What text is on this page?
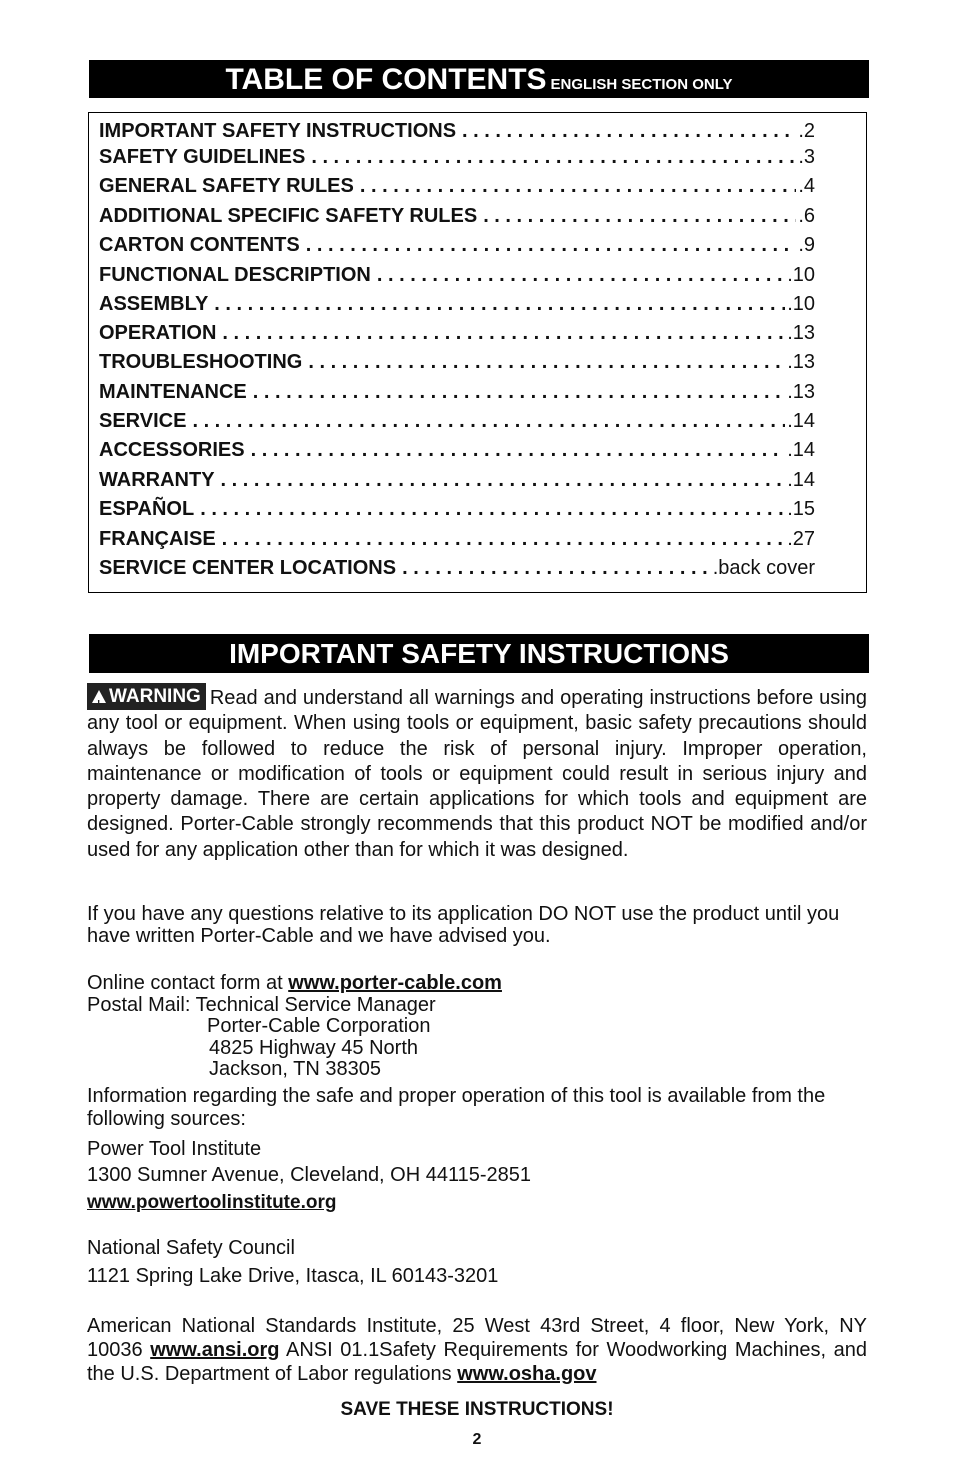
TABLE OF CONTENTS ENGLISH SECTION ONLY
IMPORTANT SAFETY INSTRUCTIONS . . .	.2
SAFETY GUIDELINES . . .	.3
GENERAL SAFETY RULES . . .	.4
ADDITIONAL SPECIFIC SAFETY RULES . . .	.6
CARTON CONTENTS . . .	.9
FUNCTIONAL DESCRIPTION . . .	.10
ASSEMBLY . . .	.10
OPERATION . . .	.13
TROUBLESHOOTING . . .	.13
MAINTENANCE . . .	.13
SERVICE . . .	.14
ACCESSORIES . . .	.14
WARRANTY . . .	.14
ESPAÑOL . . .	.15
FRANÇAISE . . .	.27
SERVICE CENTER LOCATIONS . . .	.back cover
IMPORTANT SAFETY INSTRUCTIONS

!WARNING Read and understand all warnings and operating instructions before using any tool or equipment. When using tools or equipment, basic safety precautions should always be followed to reduce the risk of personal injury. Improper operation, maintenance or modification of tools or equipment could result in serious injury and property damage. There are certain applications for which tools and equipment are designed. Porter-Cable strongly recommends that this product NOT be modified and/or used for any application other than for which it was designed.

If you have any questions relative to its application DO NOT use the product until you have written Porter-Cable and we have advised you.

Online contact form at www.porter-cable.com
Postal Mail: Technical Service Manager
Porter-Cable Corporation
4825 Highway 45 North
Jackson, TN 38305

Information regarding the safe and proper operation of this tool is available from the following sources:

Power Tool Institute
1300 Sumner Avenue, Cleveland, OH 44115-2851
www.powertoolinstitute.org
National Safety Council
1121 Spring Lake Drive, Itasca, IL 60143-3201

American National Standards Institute, 25 West 43rd Street, 4 floor, New York, NY 10036 www.ansi.org ANSI 01.1Safety Requirements for Woodworking Machines, and the U.S. Department of Labor regulations www.osha.gov

SAVE THESE INSTRUCTIONS!
2
